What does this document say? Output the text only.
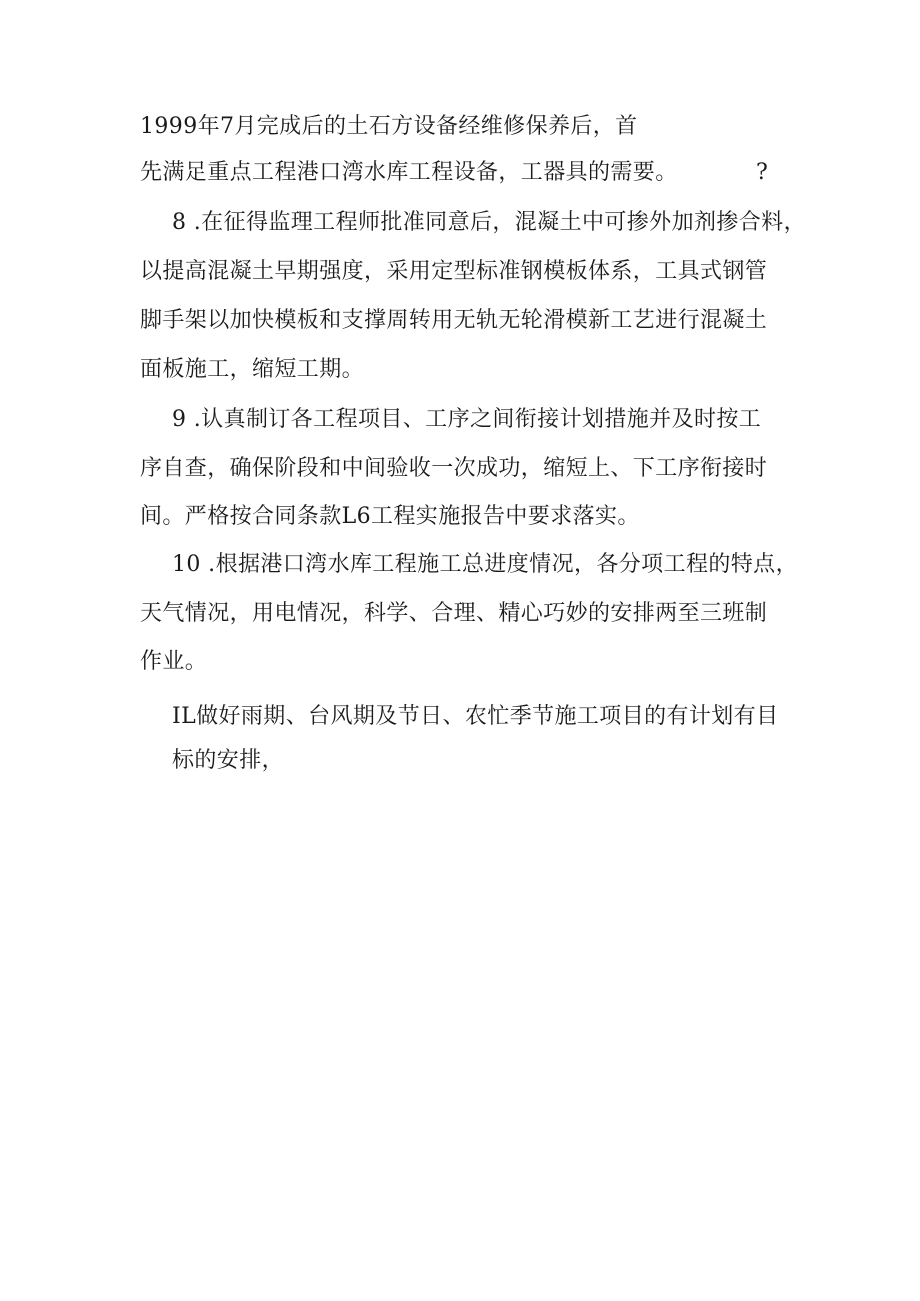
1999年7月完成后的土石方设备经维修保养后，首
先满足重点工程港口湾水库工程设备，工器具的需要。	?
8 .在征得监理工程师批准同意后，混凝土中可掺外加剂掺合料，
以提高混凝土早期强度，采用定型标准钢模板体系，工具式钢管
脚手架以加快模板和支撑周转用无轨无轮滑模新工艺进行混凝土
面板施工，缩短工期。
9 .认真制订各工程项目、工序之间衔接计划措施并及时按工
序自查，确保阶段和中间验收一次成功，缩短上、下工序衔接时
间。严格按合同条款L6工程实施报告中要求落实。
10 .根据港口湾水库工程施工总进度情况，各分项工程的特点，
天气情况，用电情况，科学、合理、精心巧妙的安排两至三班制
作业。
IL做好雨期、台风期及节日、农忙季节施工项目的有计划有目
标的安排，
